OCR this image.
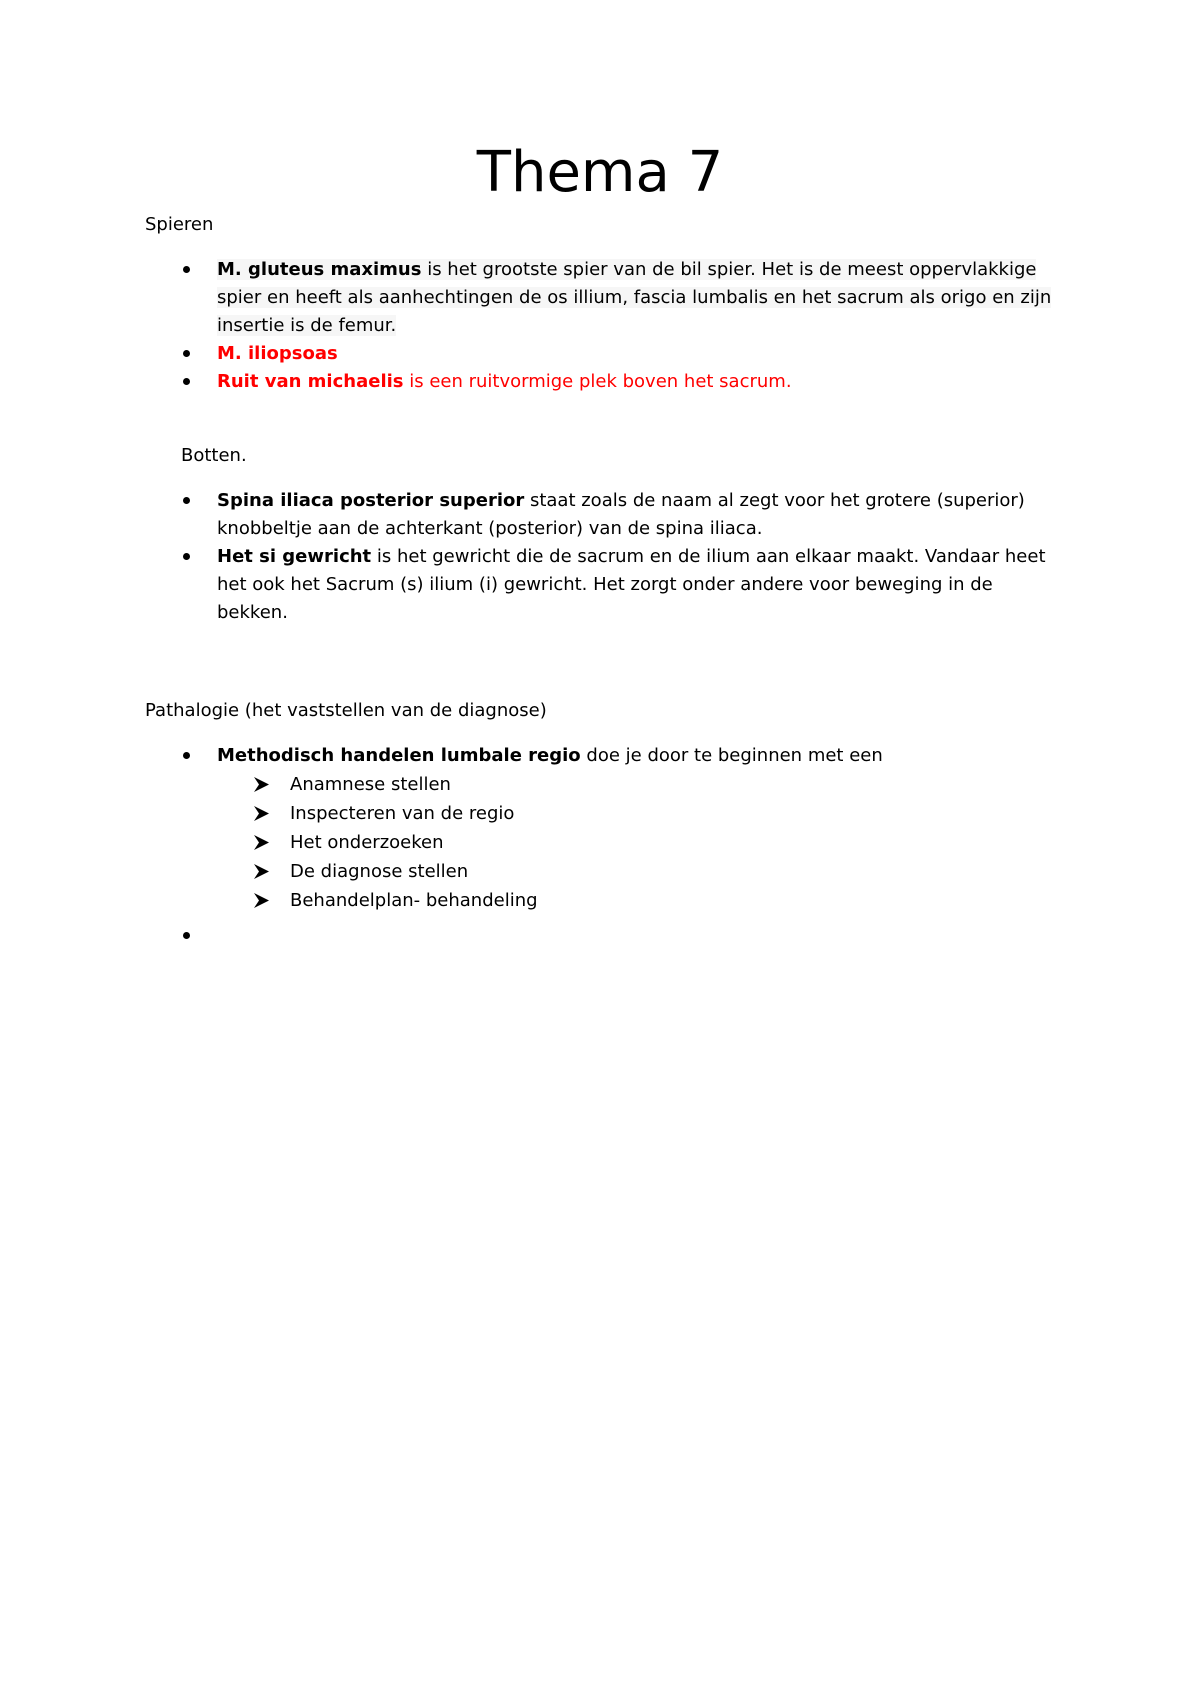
Thema 7

Spieren

M. gluteus maximus is het grootste spier van de bil spier. Het is de meest oppervlakkige spier en heeft als aanhechtingen de os illium, fascia lumbalis en het sacrum als origo en zijn insertie is de femur.
M. iliopsoas
Ruit van michaelis is een ruitvormige plek boven het sacrum.

Botten.

Spina iliaca posterior superior staat zoals de naam al zegt voor het grotere (superior) knobbeltje aan de achterkant (posterior) van de spina iliaca.
Het si gewricht is het gewricht die de sacrum en de ilium aan elkaar maakt. Vandaar heet het ook het Sacrum (s) ilium (i) gewricht. Het zorgt onder andere voor beweging in de bekken.

Pathalogie (het vaststellen van de diagnose)

Methodisch handelen lumbale regio doe je door te beginnen met een
Anamnese stellen
Inspecteren van de regio
Het onderzoeken
De diagnose stellen
Behandelplan- behandeling
